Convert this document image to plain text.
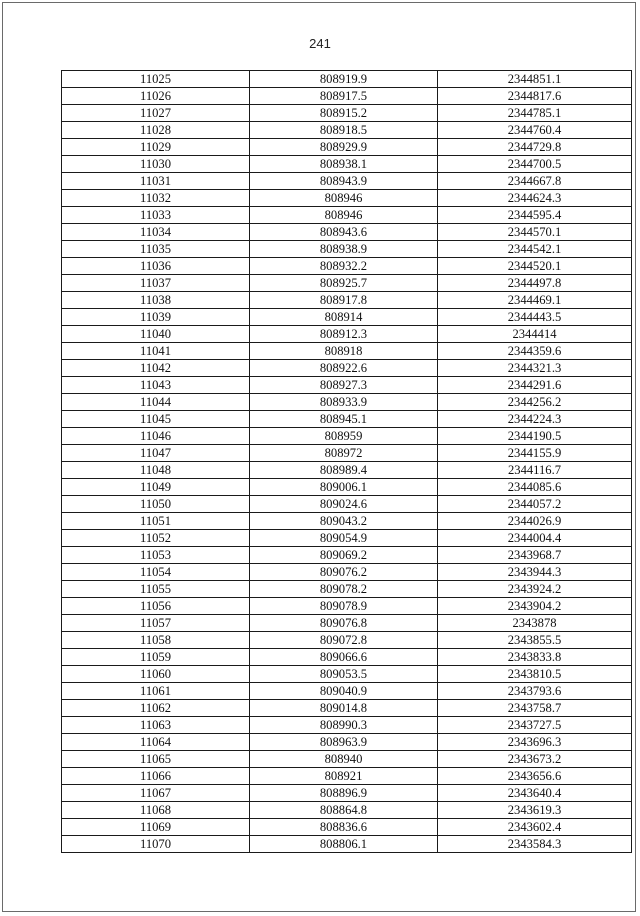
241
11025	808919.9	2344851.1
11026	808917.5	2344817.6
11027	808915.2	2344785.1
11028	808918.5	2344760.4
11029	808929.9	2344729.8
11030	808938.1	2344700.5
11031	808943.9	2344667.8
11032	808946	2344624.3
11033	808946	2344595.4
11034	808943.6	2344570.1
11035	808938.9	2344542.1
11036	808932.2	2344520.1
11037	808925.7	2344497.8
11038	808917.8	2344469.1
11039	808914	2344443.5
11040	808912.3	2344414
11041	808918	2344359.6
11042	808922.6	2344321.3
11043	808927.3	2344291.6
11044	808933.9	2344256.2
11045	808945.1	2344224.3
11046	808959	2344190.5
11047	808972	2344155.9
11048	808989.4	2344116.7
11049	809006.1	2344085.6
11050	809024.6	2344057.2
11051	809043.2	2344026.9
11052	809054.9	2344004.4
11053	809069.2	2343968.7
11054	809076.2	2343944.3
11055	809078.2	2343924.2
11056	809078.9	2343904.2
11057	809076.8	2343878
11058	809072.8	2343855.5
11059	809066.6	2343833.8
11060	809053.5	2343810.5
11061	809040.9	2343793.6
11062	809014.8	2343758.7
11063	808990.3	2343727.5
11064	808963.9	2343696.3
11065	808940	2343673.2
11066	808921	2343656.6
11067	808896.9	2343640.4
11068	808864.8	2343619.3
11069	808836.6	2343602.4
11070	808806.1	2343584.3
